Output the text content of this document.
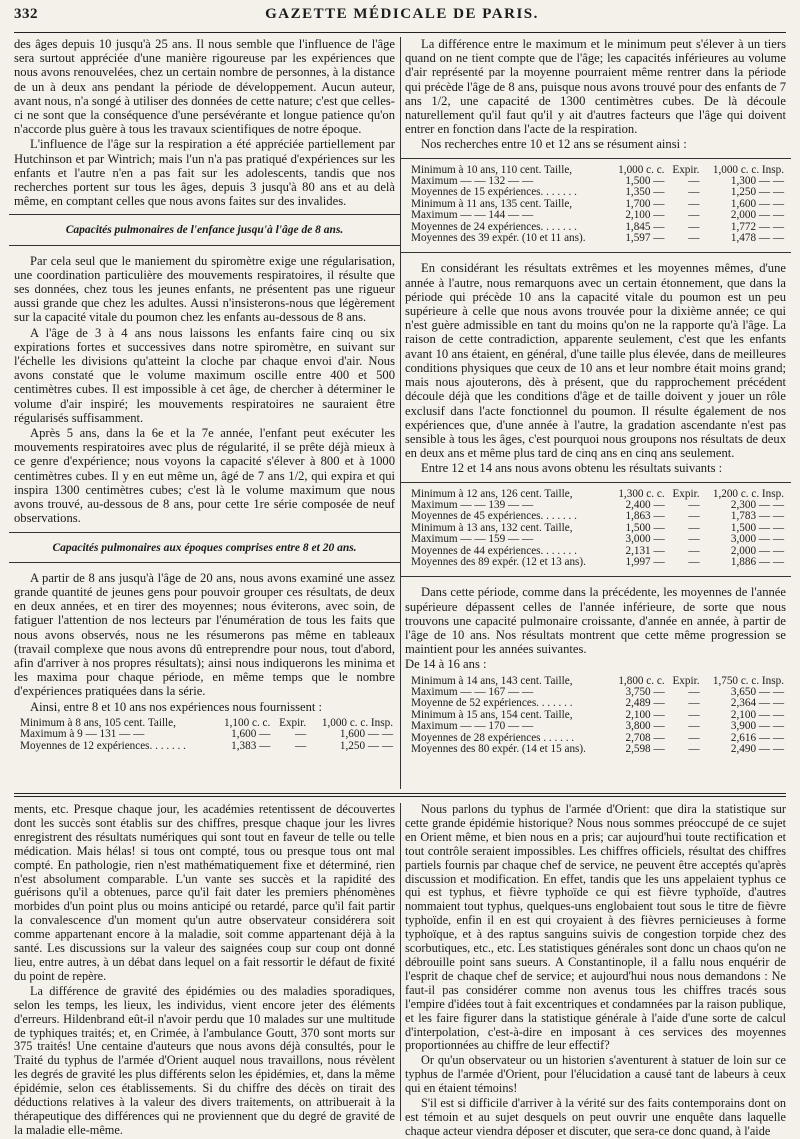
332	GAZETTE MÉDICALE DE PARIS.

des âges depuis 10 jusqu'à 25 ans. Il nous semble que l'influence de l'âge sera surtout appréciée d'une manière rigoureuse par les expériences que nous avons renouvelées, chez un certain nombre de personnes, à la distance de un à deux ans pendant la période de développement. Aucun auteur, avant nous, n'a songé à utiliser des données de cette nature; c'est que celles-ci ne sont que la conséquence d'une persévérante et longue patience qu'on n'accorde plus guère à tous les travaux scientifiques de notre époque.

L'influence de l'âge sur la respiration a été appréciée partiellement par Hutchinson et par Wintrich; mais l'un n'a pas pratiqué d'expériences sur les enfants et l'autre n'en a pas fait sur les adolescents, tandis que nos recherches portent sur tous les âges, depuis 3 jusqu'à 80 ans et au delà même, en comptant celles que nous avons faites sur des invalides.

Capacités pulmonaires de l'enfance jusqu'à l'âge de 8 ans.

Par cela seul que le maniement du spiromètre exige une régularisation, une coordination particulière des mouvements respiratoires, il résulte que ses données, chez tous les jeunes enfants, ne présentent pas une rigueur aussi grande que chez les adultes. Aussi n'insisterons-nous que légèrement sur la capacité vitale du poumon chez les enfants au-dessous de 8 ans.

A l'âge de 3 à 4 ans nous laissons les enfants faire cinq ou six expirations fortes et successives dans notre spiromètre, en suivant sur l'échelle les divisions qu'atteint la cloche par chaque envoi d'air. Nous avons constaté que le volume maximum oscille entre 400 et 500 centimètres cubes. Il est impossible à cet âge, de chercher à déterminer le volume d'air inspiré; les mouvements respiratoires ne sauraient être régularisés suffisamment.

Après 5 ans, dans la 6e et la 7e année, l'enfant peut exécuter les mouvements respiratoires avec plus de régularité, il se prête déjà mieux à ce genre d'expérience; nous voyons la capacité s'élever à 800 et à 1000 centimètres cubes. Il y en eut même un, âgé de 7 ans 1/2, qui expira et qui inspira 1300 centimètres cubes; c'est là le volume maximum que nous avons trouvé, au-dessous de 8 ans, pour cette 1re série composée de neuf observations.

Capacités pulmonaires aux époques comprises entre 8 et 20 ans.

A partir de 8 ans jusqu'à l'âge de 20 ans, nous avons examiné une assez grande quantité de jeunes gens pour pouvoir grouper ces résultats, de deux en deux années, et en tirer des moyennes; nous éviterons, avec soin, de fatiguer l'attention de nos lecteurs par l'énumération de tous les faits que nous avons observés, nous ne les résumerons pas même en tableaux (travail complexe que nous avons dû entreprendre pour nous, tout d'abord, afin d'arriver à nos propres résultats); ainsi nous indiquerons les minima et les maxima pour chaque période, en même temps que le nombre d'expériences pratiquées dans la série.

Ainsi, entre 8 et 10 ans nos expériences nous fournissent :

Minimum à 8 ans, 105 cent. Taille,	1,100 c. c.	Expir.	1,000 c. c. Insp.
Maximum à 9 — 131 — —	1,600 —	—	1,600 — —
Moyennes de 12 expériences. . . . . . .	1,383 —	—	1,250 — —

La différence entre le maximum et le minimum peut s'élever à un tiers quand on ne tient compte que de l'âge; les capacités inférieures au volume d'air représenté par la moyenne pourraient même rentrer dans la période qui précède l'âge de 8 ans, puisque nous avons trouvé pour des enfants de 7 ans 1/2, une capacité de 1300 centimètres cubes. De là découle naturellement qu'il faut qu'il y ait d'autres facteurs que l'âge qui doivent entrer en fonction dans l'acte de la respiration.

Nos recherches entre 10 et 12 ans se résument ainsi :

Minimum à 10 ans, 110 cent. Taille,	1,000 c. c.	Expir.	1,000 c. c. Insp.
Maximum — — 132 — —	1,500 —	—	1,300 — —
Moyennes de 15 expériences. . . . . . .	1,350 —	—	1,250 — —
Minimum à 11 ans, 135 cent. Taille,	1,700 —	—	1,600 — —
Maximum — — 144 — —	2,100 —	—	2,000 — —
Moyennes de 24 expériences. . . . . . .	1,845 —	—	1,772 — —
Moyennes des 39 expér. (10 et 11 ans).	1,597 —	—	1,478 — —

En considérant les résultats extrêmes et les moyennes mêmes, d'une année à l'autre, nous remarquons avec un certain étonnement, que dans la période qui précède 10 ans la capacité vitale du poumon est un peu supérieure à celle que nous avons trouvée pour la dixième année; ce qui n'est guère admissible en tant du moins qu'on ne la rapporte qu'à l'âge. La raison de cette contradiction, apparente seulement, c'est que les enfants avant 10 ans étaient, en général, d'une taille plus élevée, dans de meilleures conditions physiques que ceux de 10 ans et leur nombre était moins grand; mais nous ajouterons, dès à présent, que du rapprochement précédent découle déjà que les conditions d'âge et de taille doivent y jouer un rôle exclusif dans l'acte fonctionnel du poumon. Il résulte également de nos expériences que, d'une année à l'autre, la gradation ascendante n'est pas sensible à tous les âges, c'est pourquoi nous groupons nos résultats de deux en deux ans et même plus tard de cinq ans en cinq ans seulement.

Entre 12 et 14 ans nous avons obtenu les résultats suivants :

Minimum à 12 ans, 126 cent. Taille,	1,300 c. c.	Expir.	1,200 c. c. Insp.
Maximum — — 139 — —	2,400 —	—	2,300 — —
Moyennes de 45 expériences. . . . . . .	1,863 —	—	1,783 — —
Minimum à 13 ans, 132 cent. Taille,	1,500 —	—	1,500 — —
Maximum — — 159 — —	3,000 —	—	3,000 — —
Moyennes de 44 expériences. . . . . . .	2,131 —	—	2,000 — —
Moyennes des 89 expér. (12 et 13 ans).	1,997 —	—	1,886 — —

Dans cette période, comme dans la précédente, les moyennes de l'année supérieure dépassent celles de l'année inférieure, de sorte que nous trouvons une capacité pulmonaire croissante, d'année en année, à partir de l'âge de 10 ans. Nos résultats montrent que cette même progression se maintient pour les années suivantes.

De 14 à 16 ans :

Minimum à 14 ans, 143 cent. Taille,	1,800 c. c.	Expir.	1,750 c. c. Insp.
Maximum — — 167 — —	3,750 —	—	3,650 — —
Moyenne de 52 expériences. . . . . . .	2,489 —	—	2,364 — —
Minimum à 15 ans, 154 cent. Taille,	2,100 —	—	2,100 — —
Maximum — — 170 — —	3,800 —	—	3,900 — —
Moyennes de 28 expériences . . . . . .	2,708 —	—	2,616 — —
Moyennes des 80 expér. (14 et 15 ans).	2,598 —	—	2,490 — —

ments, etc. Presque chaque jour, les académies retentissent de découvertes dont les succès sont établis sur des chiffres, presque chaque jour les livres enregistrent des résultats numériques qui sont tout en faveur de telle ou telle médication. Mais hélas! si tous ont compté, tous ou presque tous ont mal compté. En pathologie, rien n'est mathématiquement fixe et déterminé, rien n'est absolument comparable. L'un vante ses succès et la rapidité des guérisons qu'il a obtenues, parce qu'il fait dater les premiers phénomènes morbides d'un point plus ou moins anticipé ou retardé, parce qu'il fait partir la convalescence d'un moment qu'un autre observateur considérera soit comme appartenant encore à la maladie, soit comme appartenant déjà à la santé. Les discussions sur la valeur des saignées coup sur coup ont donné lieu, entre autres, à un débat dans lequel on a fait ressortir le défaut de fixité du point de repère.

La différence de gravité des épidémies ou des maladies sporadiques, selon les temps, les lieux, les individus, vient encore jeter des éléments d'erreurs. Hildenbrand eût-il n'avoir perdu que 10 malades sur une multitude de typhiques traités; et, en Crimée, à l'ambulance Goutt, 370 sont morts sur 375 traités! Une centaine d'auteurs que nous avons déjà consultés, pour le Traité du typhus de l'armée d'Orient auquel nous travaillons, nous révèlent les degrés de gravité les plus différents selon les épidémies, et, dans la même épidémie, selon ces établissements. Si du chiffre des décès on tirait des déductions relatives à la valeur des divers traitements, on attribuerait à la thérapeutique des différences qui ne proviennent que du degré de gravité de la maladie elle-même.

Nous parlons du typhus de l'armée d'Orient: que dira la statistique sur cette grande épidémie historique? Nous nous sommes préoccupé de ce sujet en Orient même, et bien nous en a pris; car aujourd'hui toute rectification et tout contrôle seraient impossibles. Les chiffres officiels, résultat des chiffres partiels fournis par chaque chef de service, ne peuvent être acceptés qu'après discussion et modification. En effet, tandis que les uns appelaient typhus ce qui est typhus, et fièvre typhoïde ce qui est fièvre typhoïde, d'autres nommaient tout typhus, quelques-uns englobaient tout sous le titre de fièvre typhoïde, enfin il en est qui croyaient à des fièvres pernicieuses à forme typhoïque, et à des raptus sanguins suivis de congestion torpide chez des scorbutiques, etc., etc. Les statistiques générales sont donc un chaos qu'on ne débrouille point sans sueurs. A Constantinople, il a fallu nous enquérir de l'esprit de chaque chef de service; et aujourd'hui nous nous demandons : Ne faut-il pas considérer comme non avenus tous les chiffres tracés sous l'empire d'idées tout à fait excentriques et condamnées par la raison publique, et les faire figurer dans la statistique générale à l'aide d'une sorte de calcul d'interpolation, c'est-à-dire en imposant à ces services des moyennes proportionnées au chiffre de leur effectif?

Or qu'un observateur ou un historien s'aventurent à statuer de loin sur ce typhus de l'armée d'Orient, pour l'élucidation a causé tant de labeurs à ceux qui en étaient témoins!

S'il est si difficile d'arriver à la vérité sur des faits contemporains dont on est témoin et au sujet desquels on peut ouvrir une enquête dans laquelle chaque acteur viendra déposer et discuter, que sera-ce donc quand, à l'aide
